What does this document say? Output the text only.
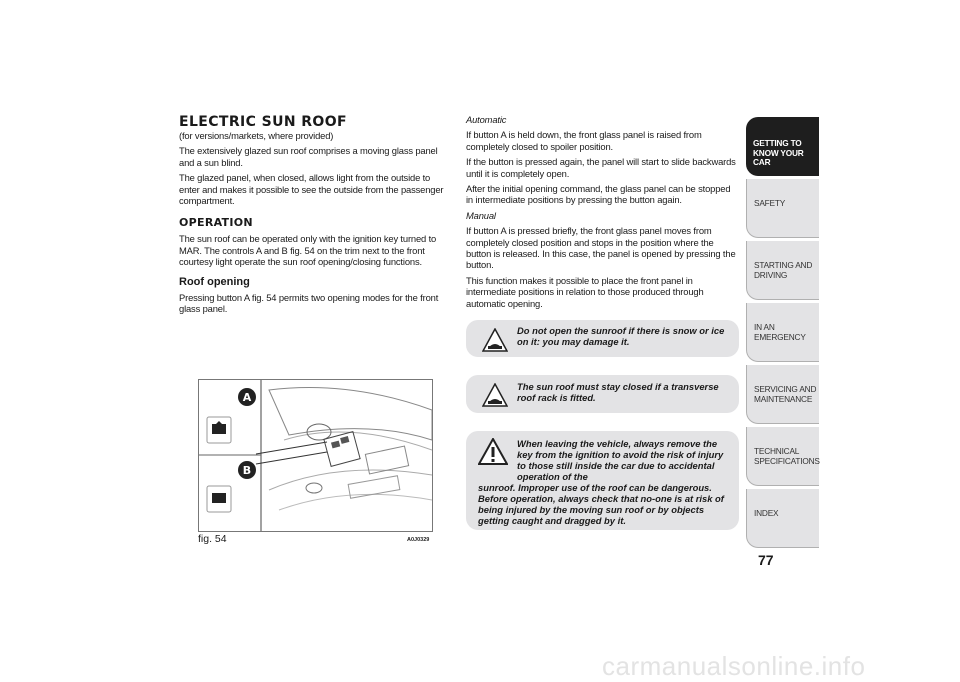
ELECTRIC SUN ROOF

(for versions/markets, where provided)

The extensively glazed sun roof comprises a moving glass panel and a sun blind.

The glazed panel, when closed, allows light from the outside to enter and makes it possible to see the outside from the passenger compartment.

OPERATION

The sun roof can be operated only with the ignition key turned to MAR. The controls A and B fig. 54 on the trim next to the front courtesy light operate the sun roof opening/closing functions.

Roof opening

Pressing button A fig. 54 permits two opening modes for the front glass panel.

A
B
fig. 54	A0J0329

Automatic

If button A is held down, the front glass panel is raised from completely closed to spoiler position.

If the button is pressed again, the panel will start to slide backwards until it is completely open.

After the initial opening command, the glass panel can be stopped in intermediate positions by pressing the button again.

Manual

If button A is pressed briefly, the front glass panel moves from completely closed position and stops in the position where the button is released. In this case, the panel is opened by pressing the button.

This function makes it possible to place the front panel in intermediate positions in relation to those produced through automatic opening.

Do not open the sunroof if there is snow or ice on it: you may damage it.
The sun roof must stay closed if a transverse roof rack is fitted.
When leaving the vehicle, always remove the key from the ignition to avoid the risk of injury to those still inside the car due to accidental operation of the
sunroof. Improper use of the roof can be dangerous. Before operation, always check that no-one is at risk of being injured by the moving sun roof or by objects getting caught and dragged by it.
GETTING TO
KNOW YOUR CAR
SAFETY
STARTING AND
DRIVING
IN AN EMERGENCY
SERVICING AND
MAINTENANCE
TECHNICAL
SPECIFICATIONS
INDEX
77
carmanualsonline.info
